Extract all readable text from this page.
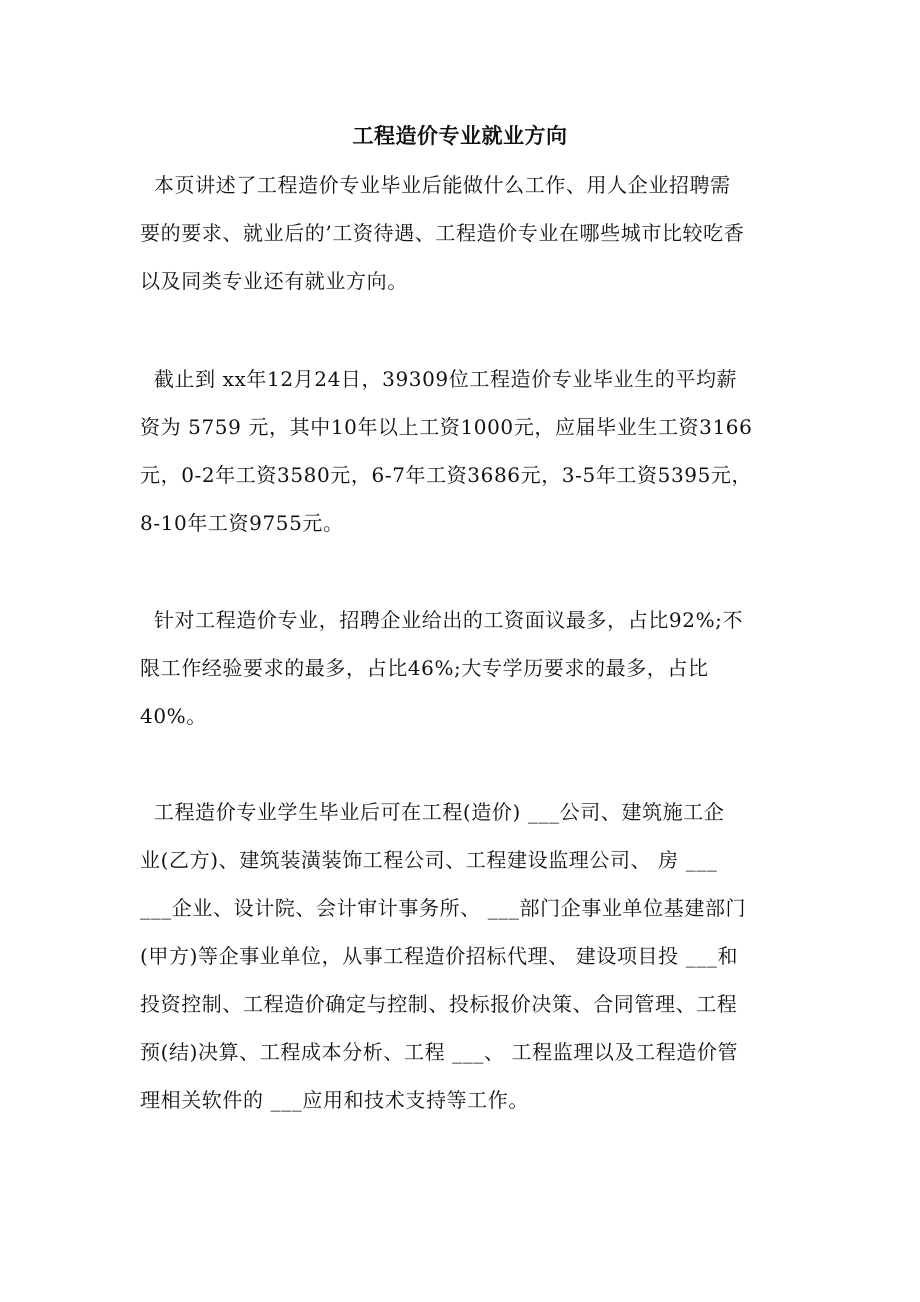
工程造价专业就业方向
本页讲述了工程造价专业毕业后能做什么工作、用人企业招聘需
要的要求、就业后的’工资待遇、工程造价专业在哪些城市比较吃香
以及同类专业还有就业方向。
截止到 xx年12月24日，39309位工程造价专业毕业生的平均薪
资为 5759 元，其中10年以上工资1000元，应届毕业生工资3166
元，0-2年工资3580元，6-7年工资3686元，3-5年工资5395元，
8-10年工资9755元。
针对工程造价专业，招聘企业给出的工资面议最多，占比92%;不
限工作经验要求的最多，占比46%;大专学历要求的最多，占比
40%。
工程造价专业学生毕业后可在工程(造价) ___公司、建筑施工企
业(乙方)、建筑装潢装饰工程公司、工程建设监理公司、 房 ___
___企业、设计院、会计审计事务所、 ___部门企事业单位基建部门
(甲方)等企事业单位，从事工程造价招标代理、 建设项目投 ___和
投资控制、工程造价确定与控制、投标报价决策、合同管理、工程
预(结)决算、工程成本分析、工程 ___、 工程监理以及工程造价管
理相关软件的 ___应用和技术支持等工作。
